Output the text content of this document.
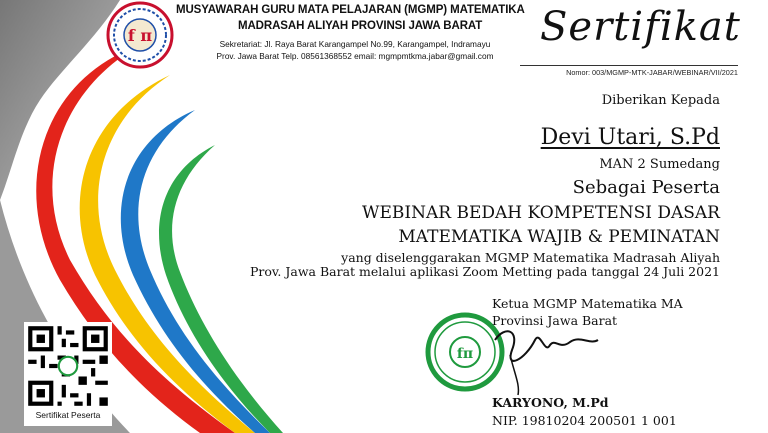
f π
fπ
MUSYAWARAH GURU MATA PELAJARAN (MGMP) MATEMATIKA
MADRASAH ALIYAH PROVINSI JAWA BARAT
Sekretariat: Jl. Raya Barat Karangampel No.99, Karangampel, Indramayu
Prov. Jawa Barat Telp. 08561368552 email: mgmpmtkma.jabar@gmail.com
Sertifikat
Nomor: 003/MGMP-MTK-JABAR/WEBINAR/VII/2021
Diberikan Kepada
Devi Utari, S.Pd
MAN 2 Sumedang
Sebagai Peserta
WEBINAR BEDAH KOMPETENSI DASAR
MATEMATIKA WAJIB & PEMINATAN
yang diselenggarakan MGMP Matematika Madrasah Aliyah
Prov. Jawa Barat melalui aplikasi Zoom Metting pada tanggal 24 Juli 2021
Ketua MGMP Matematika MA
Provinsi Jawa Barat
KARYONO, M.Pd
NIP. 19810204 200501 1 001
Sertifikat Peserta
